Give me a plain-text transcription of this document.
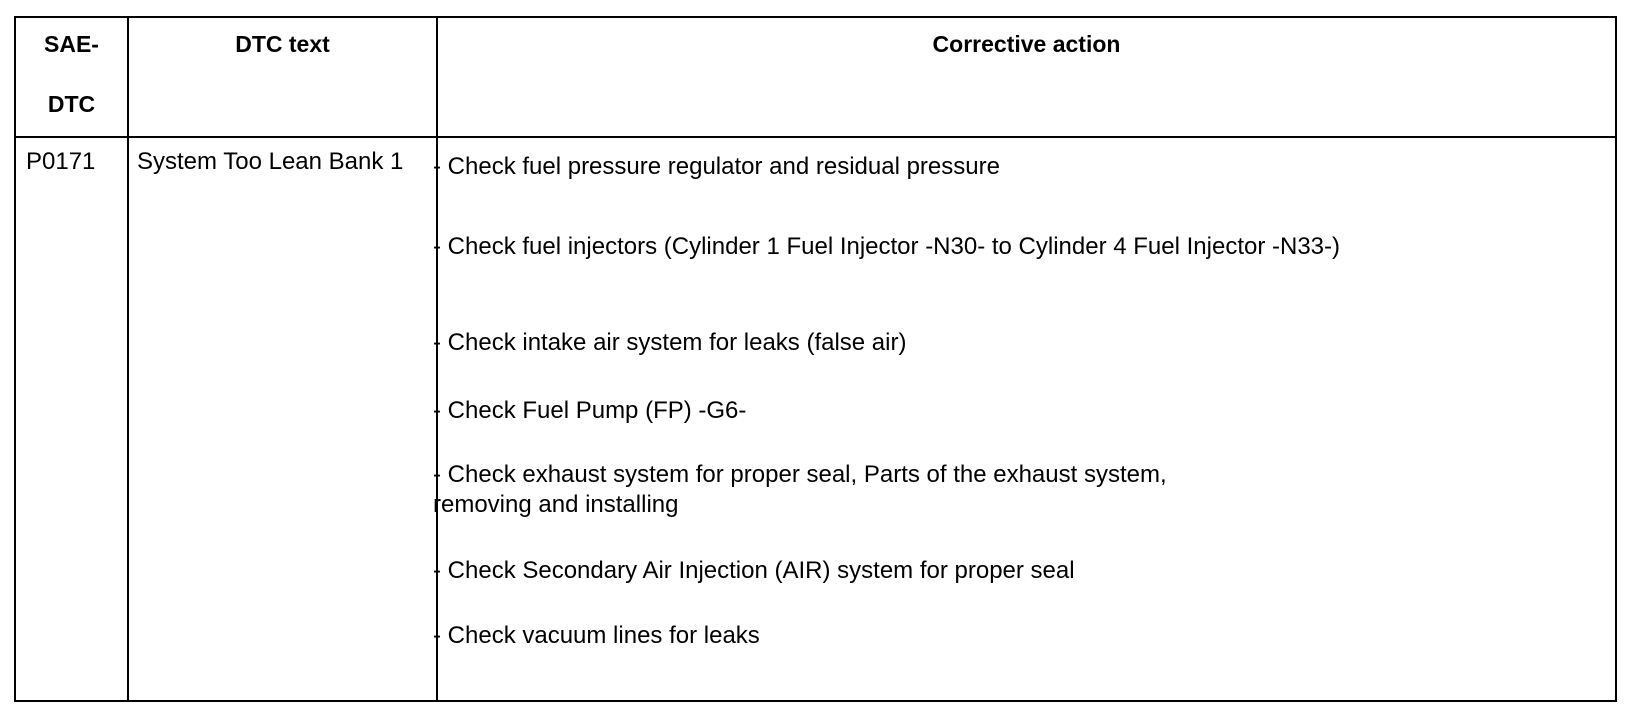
SAE-
DTC
DTC text	Corrective action
P0171 System Too Lean Bank 1	- Check fuel pressure regulator and residual pressure
- Check fuel injectors (Cylinder 1 Fuel Injector -N30- to Cylinder 4 Fuel Injector -N33-)
- Check intake air system for leaks (false air)
- Check Fuel Pump (FP) -G6-
- Check exhaust system for proper seal, Parts of the exhaust system,
removing and installing
- Check Secondary Air Injection (AIR) system for proper seal
- Check vacuum lines for leaks
